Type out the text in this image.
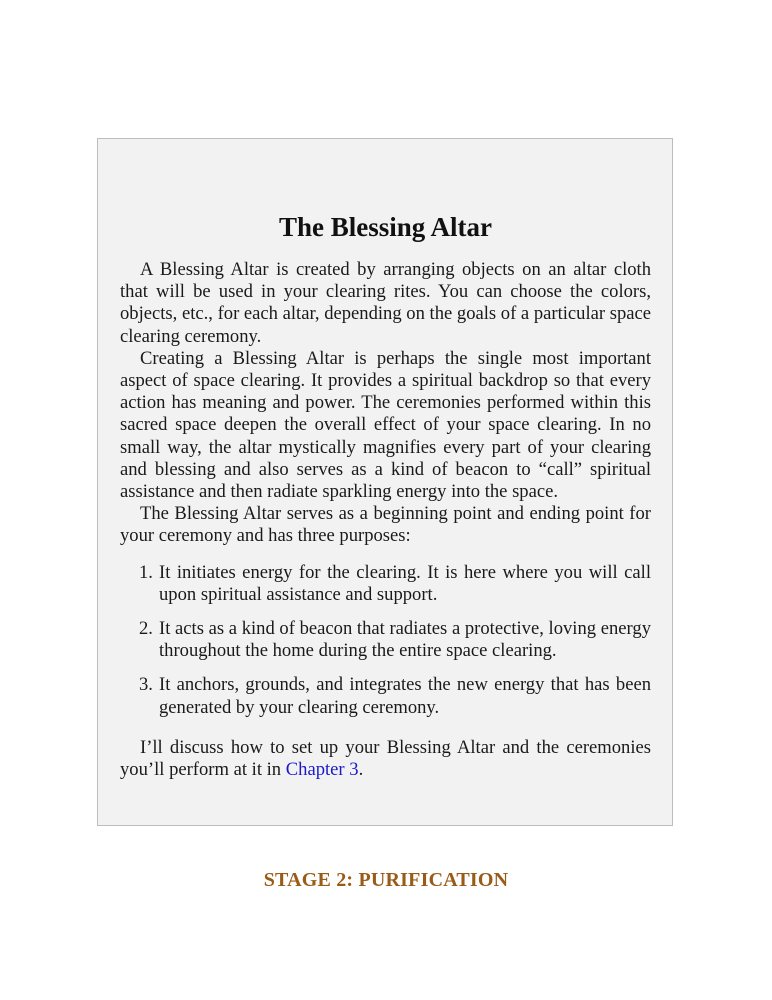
The Blessing Altar

A Blessing Altar is created by arranging objects on an altar cloth that will be used in your clearing rites. You can choose the colors, objects, etc., for each altar, depending on the goals of a particular space clearing ceremony.

Creating a Blessing Altar is perhaps the single most important aspect of space clearing. It provides a spiritual backdrop so that every action has meaning and power. The ceremonies performed within this sacred space deepen the overall effect of your space clearing. In no small way, the altar mystically magnifies every part of your clearing and blessing and also serves as a kind of beacon to “call” spiritual assistance and then radiate sparkling energy into the space.

The Blessing Altar serves as a beginning point and ending point for your ceremony and has three purposes:

1. It initiates energy for the clearing. It is here where you will call upon spiritual assistance and support.
2. It acts as a kind of beacon that radiates a protective, loving energy throughout the home during the entire space clearing.
3. It anchors, grounds, and integrates the new energy that has been generated by your clearing ceremony.

I’ll discuss how to set up your Blessing Altar and the ceremonies you’ll perform at it in Chapter 3.

STAGE 2: PURIFICATION
